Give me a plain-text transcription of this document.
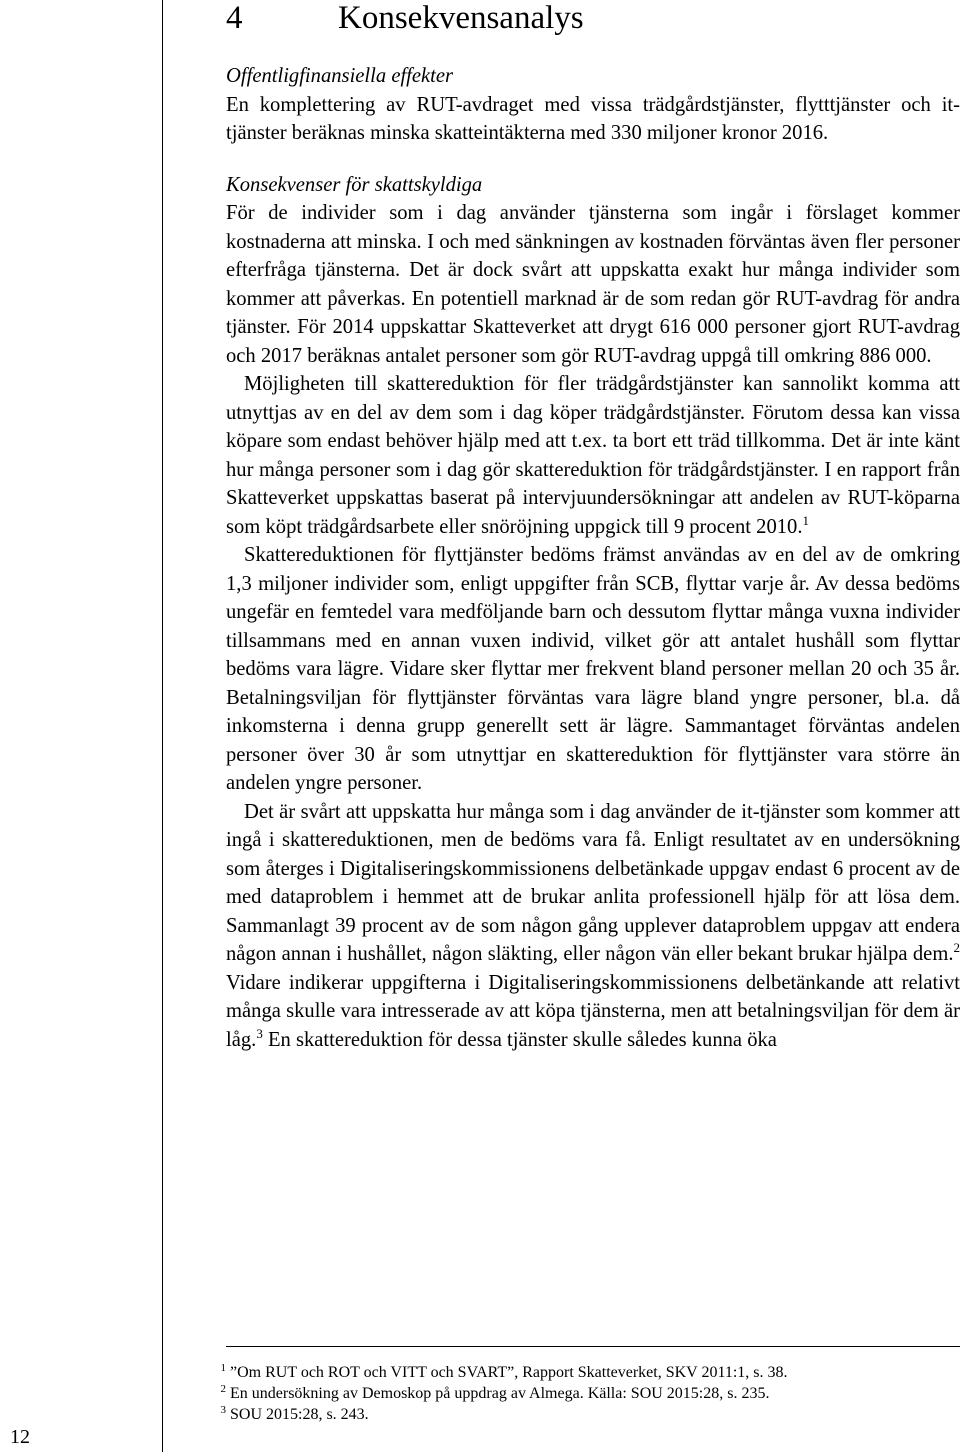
4	Konsekvensanalys

Offentligfinansiella effekter

En komplettering av RUT-avdraget med vissa trädgårdstjänster, flytttjänster och it-tjänster beräknas minska skatteintäkterna med 330 miljoner kronor 2016.

Konsekvenser för skattskyldiga

För de individer som i dag använder tjänsterna som ingår i förslaget kommer kostnaderna att minska. I och med sänkningen av kostnaden förväntas även fler personer efterfråga tjänsterna. Det är dock svårt att uppskatta exakt hur många individer som kommer att påverkas. En potentiell marknad är de som redan gör RUT-avdrag för andra tjänster. För 2014 uppskattar Skatteverket att drygt 616 000 personer gjort RUT-avdrag och 2017 beräknas antalet personer som gör RUT-avdrag uppgå till omkring 886 000.

Möjligheten till skattereduktion för fler trädgårdstjänster kan sannolikt komma att utnyttjas av en del av dem som i dag köper trädgårdstjänster. Förutom dessa kan vissa köpare som endast behöver hjälp med att t.ex. ta bort ett träd tillkomma. Det är inte känt hur många personer som i dag gör skattereduktion för trädgårdstjänster. I en rapport från Skatteverket uppskattas baserat på intervjuundersökningar att andelen av RUT-köparna som köpt trädgårdsarbete eller snöröjning uppgick till 9 procent 2010.$^1$

Skattereduktionen för flyttjänster bedöms främst användas av en del av de omkring 1,3 miljoner individer som, enligt uppgifter från SCB, flyttar varje år. Av dessa bedöms ungefär en femtedel vara medföljande barn och dessutom flyttar många vuxna individer tillsammans med en annan vuxen individ, vilket gör att antalet hushåll som flyttar bedöms vara lägre. Vidare sker flyttar mer frekvent bland personer mellan 20 och 35 år. Betalningsviljan för flyttjänster förväntas vara lägre bland yngre personer, bl.a. då inkomsterna i denna grupp generellt sett är lägre. Sammantaget förväntas andelen personer över 30 år som utnyttjar en skattereduktion för flyttjänster vara större än andelen yngre personer.

Det är svårt att uppskatta hur många som i dag använder de it-tjänster som kommer att ingå i skattereduktionen, men de bedöms vara få. Enligt resultatet av en undersökning som återges i Digitaliseringskommissionens delbetänkade uppgav endast 6 procent av de med dataproblem i hemmet att de brukar anlita professionell hjälp för att lösa dem. Sammanlagt 39 procent av de som någon gång upplever dataproblem uppgav att endera någon annan i hushållet, någon släkting, eller någon vän eller bekant brukar hjälpa dem.$^2$ Vidare indikerar uppgifterna i Digitaliseringskommissionens delbetänkande att relativt många skulle vara intresserade av att köpa tjänsterna, men att betalningsviljan för dem är låg.$^3$ En skattereduktion för dessa tjänster skulle således kunna öka

1 ”Om RUT och ROT och VITT och SVART”, Rapport Skatteverket, SKV 2011:1, s. 38.

2 En undersökning av Demoskop på uppdrag av Almega. Källa: SOU 2015:28, s. 235.

3 SOU 2015:28, s. 243.

12
